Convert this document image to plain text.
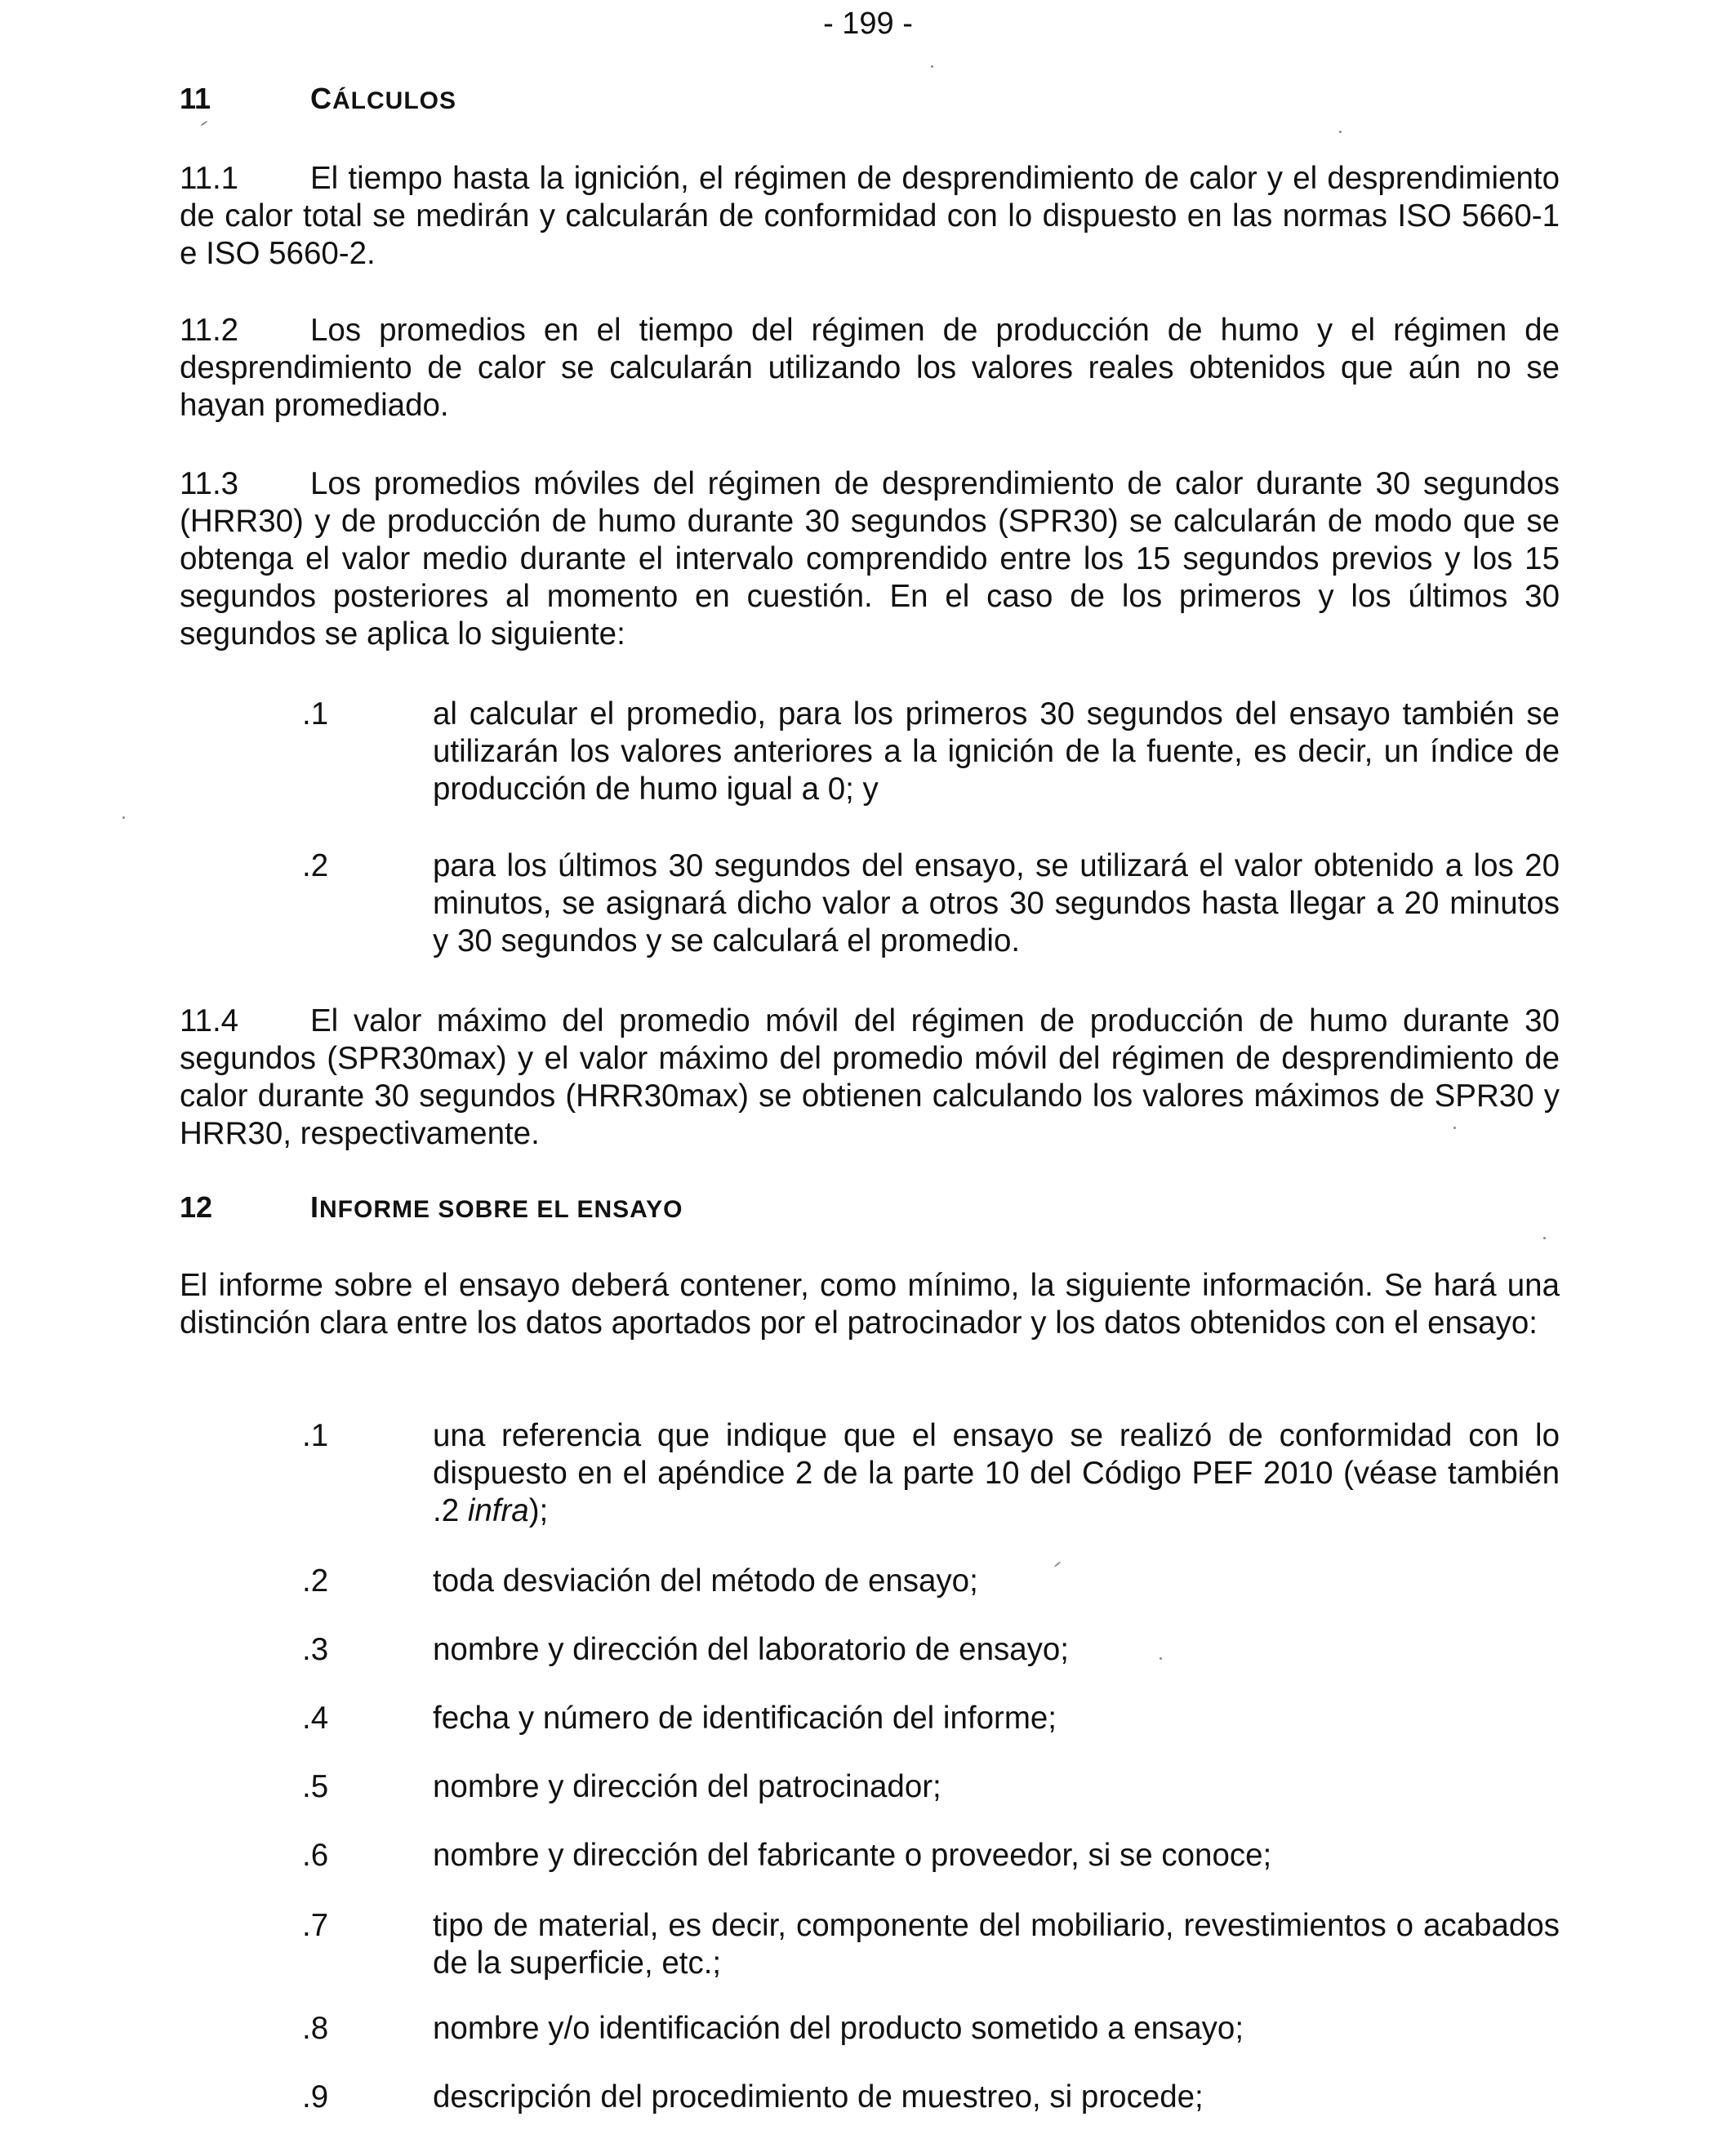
- 199 -
11	CÁLCULOS

11.1 El tiempo hasta la ignición, el régimen de desprendimiento de calor y el desprendimiento de calor total se medirán y calcularán de conformidad con lo dispuesto en las normas ISO 5660-1 e ISO 5660-2.

11.2 Los promedios en el tiempo del régimen de producción de humo y el régimen de desprendimiento de calor se calcularán utilizando los valores reales obtenidos que aún no se hayan promediado.

11.3 Los promedios móviles del régimen de desprendimiento de calor durante 30 segundos (HRR30) y de producción de humo durante 30 segundos (SPR30) se calcularán de modo que se obtenga el valor medio durante el intervalo comprendido entre los 15 segundos previos y los 15 segundos posteriores al momento en cuestión. En el caso de los primeros y los últimos 30 segundos se aplica lo siguiente:

.1	al calcular el promedio, para los primeros 30 segundos del ensayo también se utilizarán los valores anteriores a la ignición de la fuente, es decir, un índice de producción de humo igual a 0; y
.2	para los últimos 30 segundos del ensayo, se utilizará el valor obtenido a los 20 minutos, se asignará dicho valor a otros 30 segundos hasta llegar a 20 minutos y 30 segundos y se calculará el promedio.

11.4 El valor máximo del promedio móvil del régimen de producción de humo durante 30 segundos (SPR30max) y el valor máximo del promedio móvil del régimen de desprendimiento de calor durante 30 segundos (HRR30max) se obtienen calculando los valores máximos de SPR30 y HRR30, respectivamente.

12	INFORME SOBRE EL ENSAYO

El informe sobre el ensayo deberá contener, como mínimo, la siguiente información. Se hará una distinción clara entre los datos aportados por el patrocinador y los datos obtenidos con el ensayo:

.1	una referencia que indique que el ensayo se realizó de conformidad con lo dispuesto en el apéndice 2 de la parte 10 del Código PEF 2010 (véase también .2 infra);
.2	toda desviación del método de ensayo;
.3	nombre y dirección del laboratorio de ensayo;
.4	fecha y número de identificación del informe;
.5	nombre y dirección del patrocinador;
.6	nombre y dirección del fabricante o proveedor, si se conoce;
.7	tipo de material, es decir, componente del mobiliario, revestimientos o acabados de la superficie, etc.;
.8	nombre y/o identificación del producto sometido a ensayo;
.9	descripción del procedimiento de muestreo, si procede;
